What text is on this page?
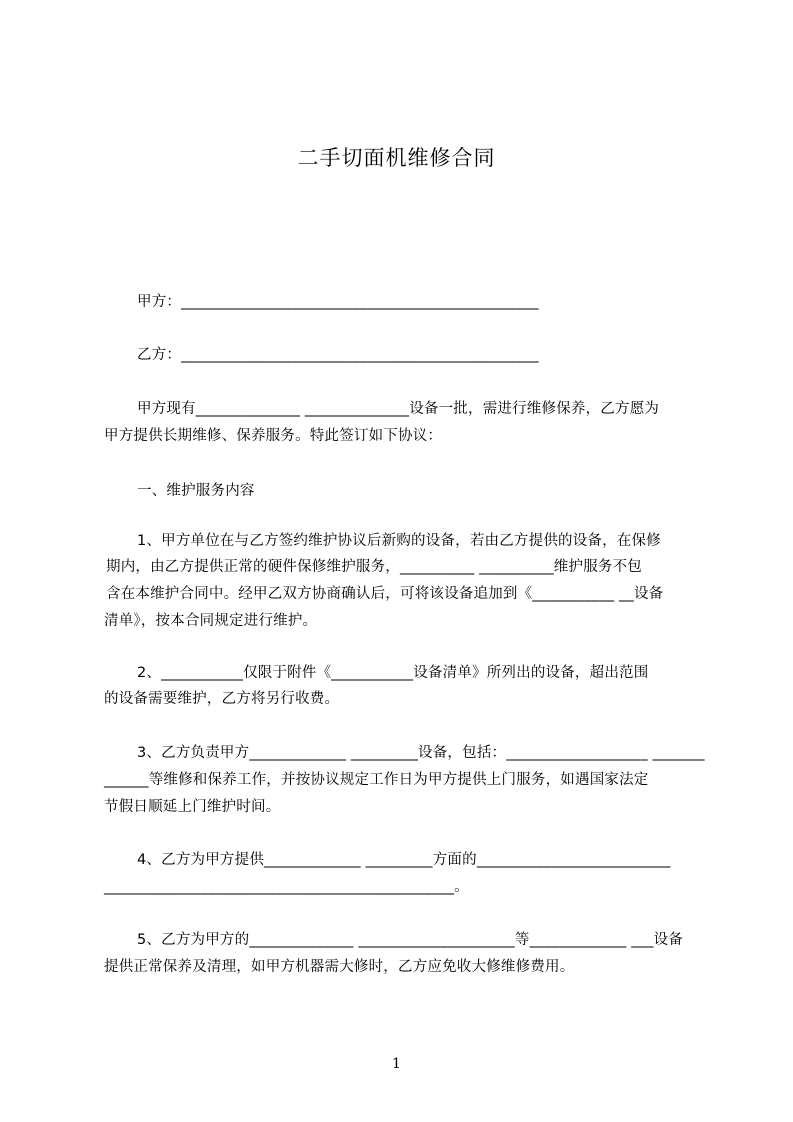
二手切面机维修合同
甲方：________________________________________________
乙方：________________________________________________
甲方现有______________ ______________设备一批，需进行维修保养，乙方愿为
甲方提供长期维修、保养服务。特此签订如下协议：
一、维护服务内容
1、甲方单位在与乙方签约维护协议后新购的设备，若由乙方提供的设备，在保修
期内，由乙方提供正常的硬件保修维护服务，__________ __________维护服务不包
含在本维护合同中。经甲乙双方协商确认后，可将该设备追加到《___________ __设备
清单》，按本合同规定进行维护。
2、___________仅限于附件《___________设备清单》所列出的设备，超出范围
的设备需要维护，乙方将另行收费。
3、乙方负责甲方_____________ _________设备，包括：___________________ _______
______等维修和保养工作，并按协议规定工作日为甲方提供上门服务，如遇国家法定
节假日顺延上门维护时间。
4、乙方为甲方提供_____________ _________方面的__________________________
_______________________________________________。
5、乙方为甲方的______________ _____________________等_____________ ___设备
提供正常保养及清理，如甲方机器需大修时，乙方应免收大修维修费用。
1
